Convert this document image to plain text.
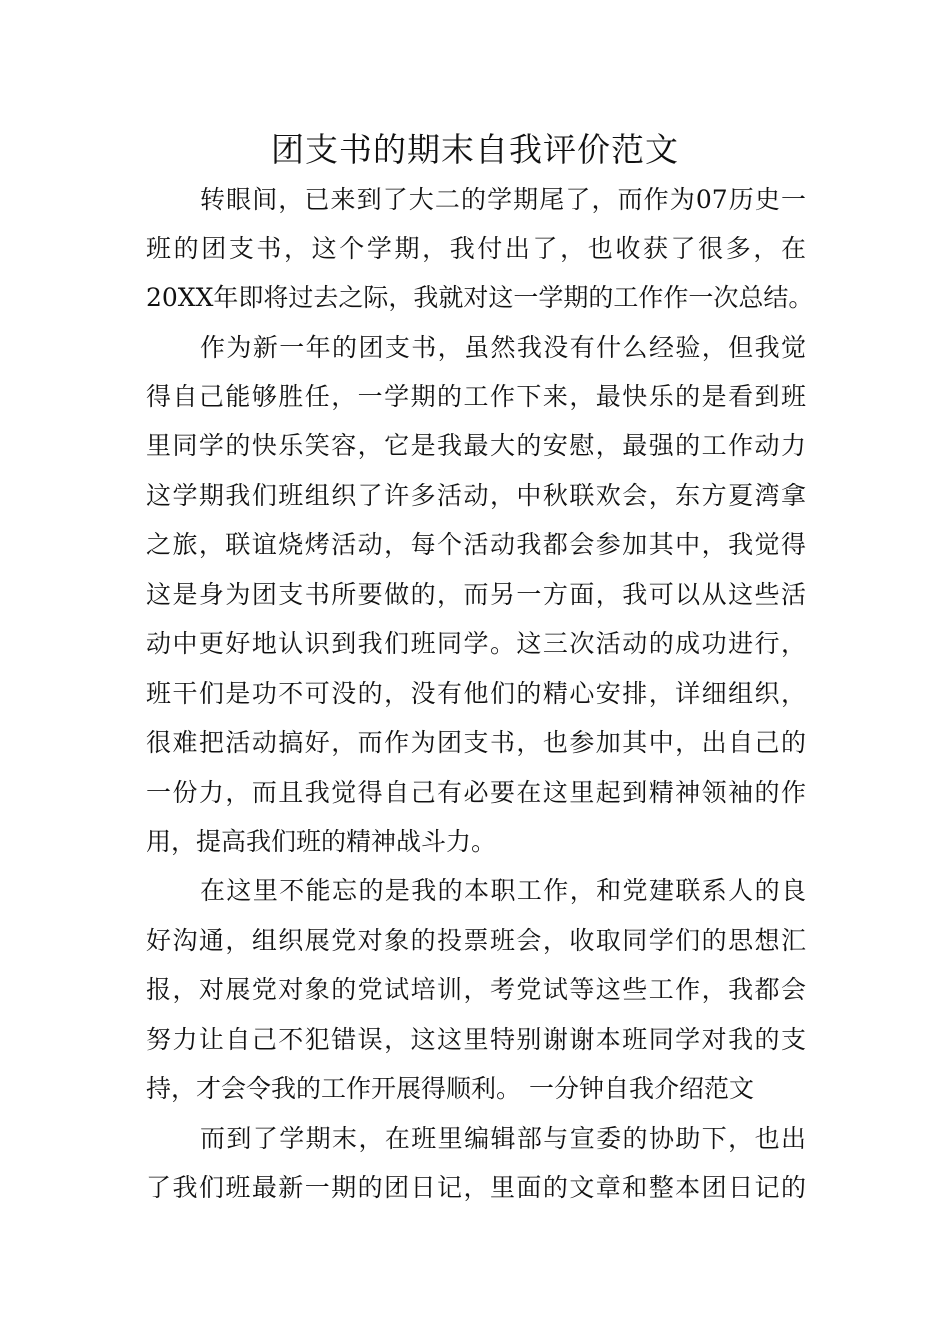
团支书的期末自我评价范文
转眼间，已来到了大二的学期尾了，而作为07历史一
班的团支书，这个学期，我付出了，也收获了很多，在
20XX年即将过去之际，我就对这一学期的工作作一次总结。
作为新一年的团支书，虽然我没有什么经验，但我觉
得自己能够胜任，一学期的工作下来，最快乐的是看到班
里同学的快乐笑容，它是我最大的安慰，最强的工作动力
这学期我们班组织了许多活动，中秋联欢会，东方夏湾拿
之旅，联谊烧烤活动，每个活动我都会参加其中，我觉得
这是身为团支书所要做的，而另一方面，我可以从这些活
动中更好地认识到我们班同学。这三次活动的成功进行，
班干们是功不可没的，没有他们的精心安排，详细组织，
很难把活动搞好，而作为团支书，也参加其中，出自己的
一份力，而且我觉得自己有必要在这里起到精神领袖的作
用，提高我们班的精神战斗力。
在这里不能忘的是我的本职工作，和党建联系人的良
好沟通，组织展党对象的投票班会，收取同学们的思想汇
报，对展党对象的党试培训，考党试等这些工作，我都会
努力让自己不犯错误，这这里特别谢谢本班同学对我的支
持，才会令我的工作开展得顺利。 一分钟自我介绍范文
而到了学期末，在班里编辑部与宣委的协助下，也出
了我们班最新一期的团日记，里面的文章和整本团日记的
